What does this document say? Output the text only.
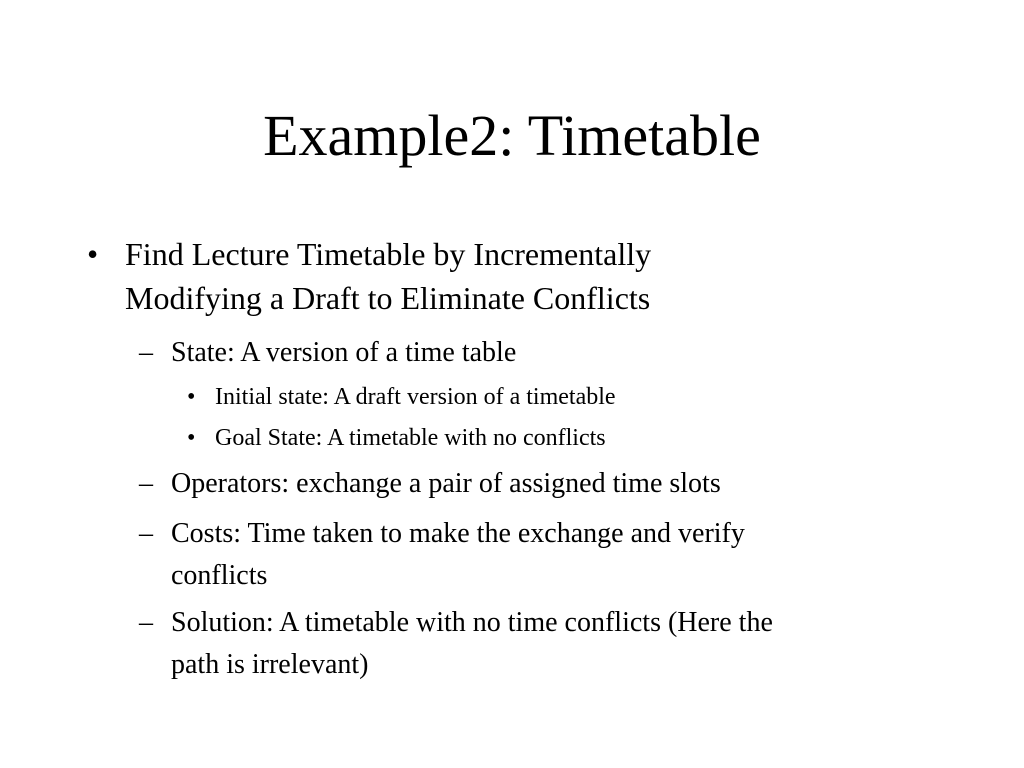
Example2: Timetable
• Find Lecture Timetable by Incrementally
Modifying a Draft to Eliminate Conflicts
– State: A version of a time table
• Initial state: A draft version of a timetable
• Goal State: A timetable with no conflicts
– Operators: exchange a pair of assigned time slots
– Costs: Time taken to make the exchange and verify
conflicts
– Solution: A timetable with no time conflicts (Here the
path is irrelevant)
